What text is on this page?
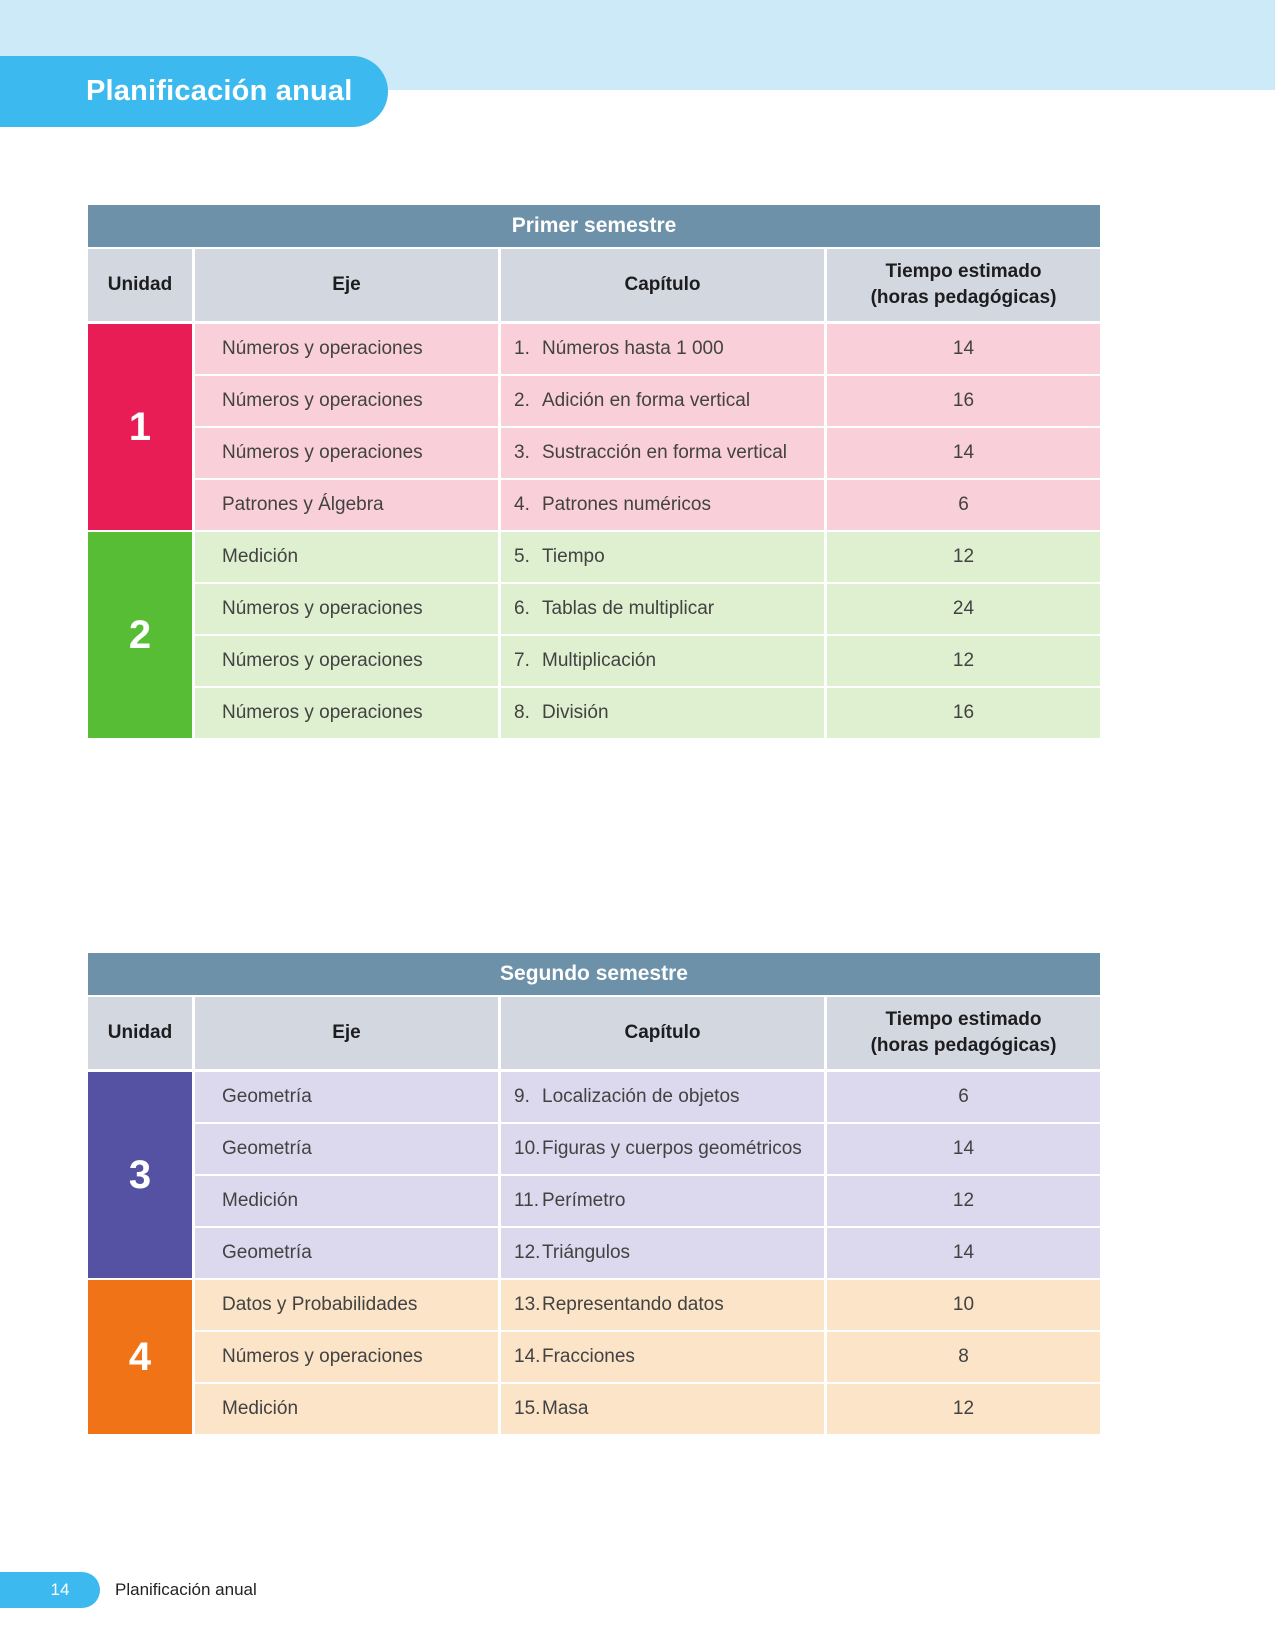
Planificación anual
Primer semestre
Unidad	Eje	Capítulo
Tiempo estimado
(horas pedagógicas)
1
Números y operaciones	1. Números hasta 1 000	14
Números y operaciones	2. Adición en forma vertical	16
Números y operaciones	3. Sustracción en forma vertical	14
Patrones y Álgebra	4. Patrones numéricos	6
2
Medición	5. Tiempo	12
Números y operaciones	6. Tablas de multiplicar	24
Números y operaciones	7. Multiplicación	12
Números y operaciones	8. División	16
Segundo semestre
Unidad	Eje	Capítulo
Tiempo estimado
(horas pedagógicas)
3
Geometría	9. Localización de objetos	6
Geometría	10. Figuras y cuerpos geométricos	14
Medición	11. Perímetro	12
Geometría	12. Triángulos	14
4
Datos y Probabilidades	13. Representando datos	10
Números y operaciones	14. Fracciones	8
Medición	15. Masa	12
14	Planificación anual
